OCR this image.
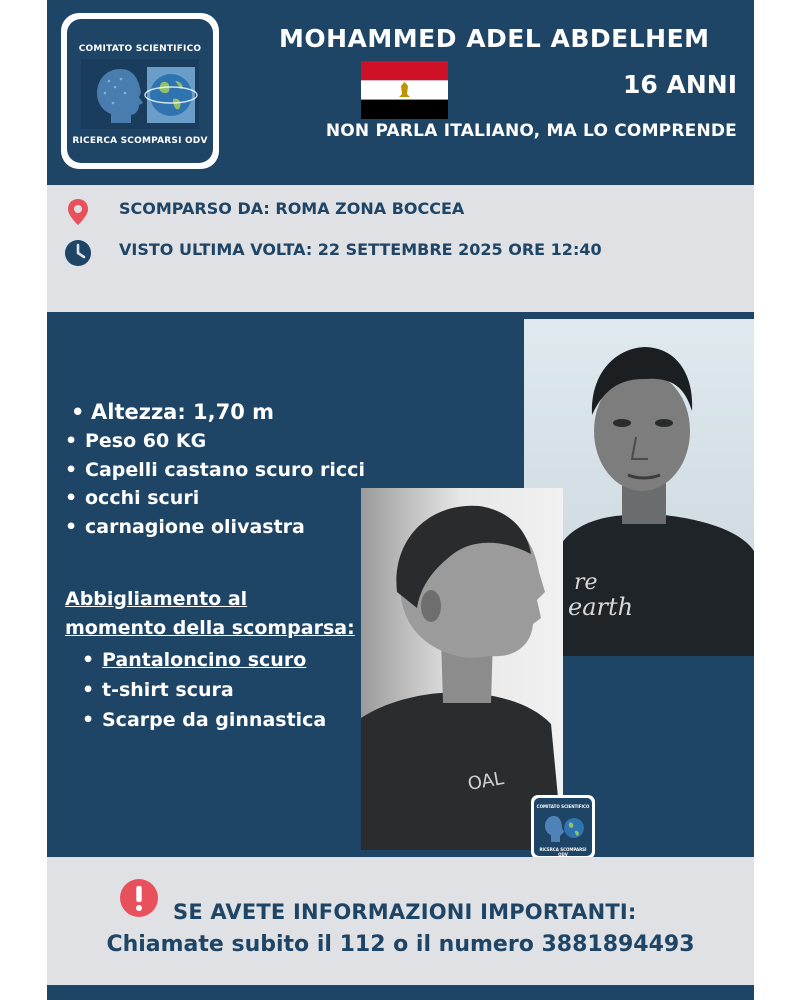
COMITATO SCIENTIFICO
RICERCA SCOMPARSI ODV
MOHAMMED ADEL ABDELHEM
16 ANNI
NON PARLA ITALIANO, MA LO COMPRENDE
SCOMPARSO DA: ROMA ZONA BOCCEA
VISTO ULTIMA VOLTA: 22 SETTEMBRE 2025 ORE 12:40
re
earth
OAL
COMITATO SCIENTIFICO
RICERCA SCOMPARSI ODV
• Altezza: 1,70 m
• Peso 60 KG
• Capelli castano scuro ricci
• occhi scuri
• carnagione olivastra
Abbigliamento al
momento della scomparsa:
• Pantaloncino scuro
• t-shirt scura
• Scarpe da ginnastica
SE AVETE INFORMAZIONI IMPORTANTI:
Chiamate subito il 112 o il numero 3881894493
